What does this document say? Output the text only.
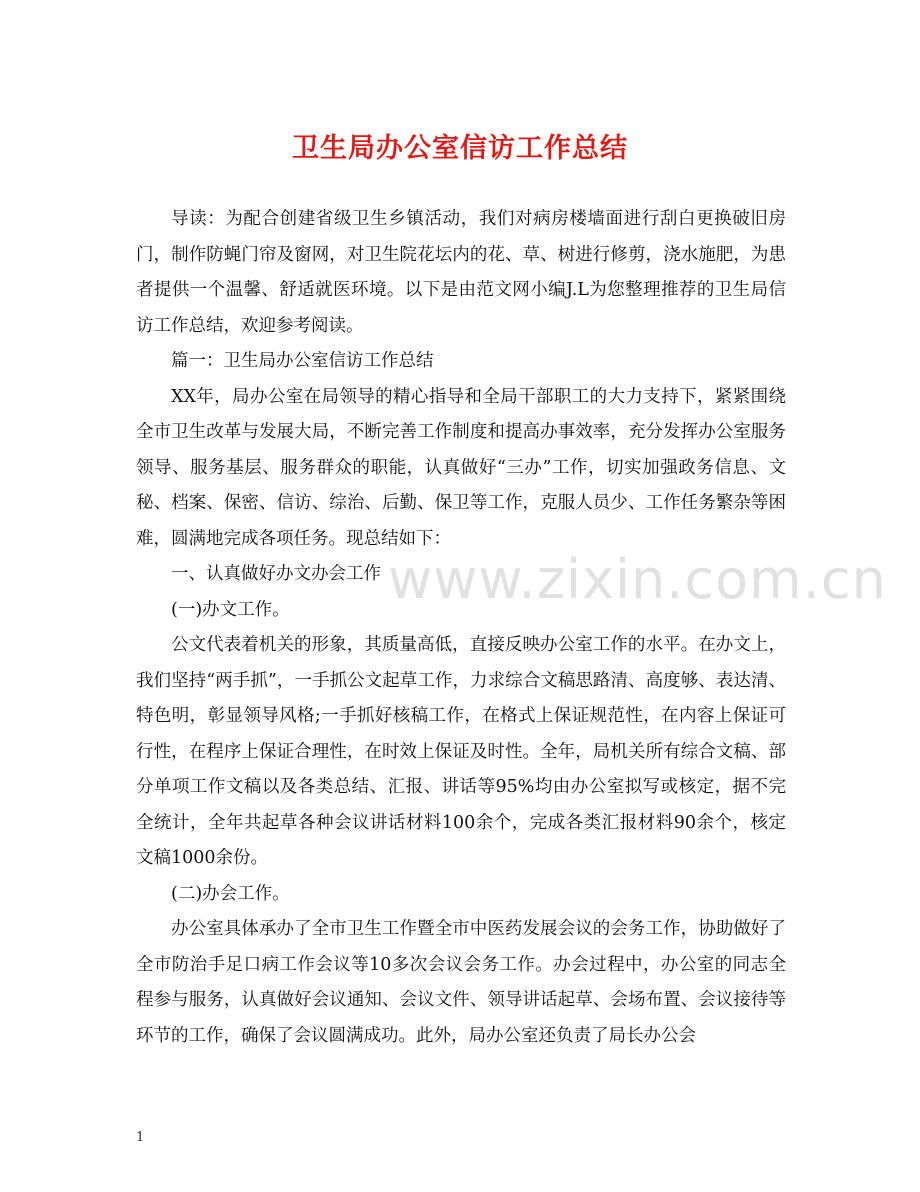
卫生局办公室信访工作总结

导读：为配合创建省级卫生乡镇活动，我们对病房楼墙面进行刮白更换破旧房门，制作防蝇门帘及窗网，对卫生院花坛内的花、草、树进行修剪，浇水施肥，为患者提供一个温馨、舒适就医环境。以下是由范文网小编J.L为您整理推荐的卫生局信访工作总结，欢迎参考阅读。

篇一：卫生局办公室信访工作总结

XX年，局办公室在局领导的精心指导和全局干部职工的大力支持下，紧紧围绕全市卫生改革与发展大局，不断完善工作制度和提高办事效率，充分发挥办公室服务领导、服务基层、服务群众的职能，认真做好“三办”工作，切实加强政务信息、文秘、档案、保密、信访、综治、后勤、保卫等工作，克服人员少、工作任务繁杂等困难，圆满地完成各项任务。现总结如下：

一、认真做好办文办会工作

(一)办文工作。

公文代表着机关的形象，其质量高低，直接反映办公室工作的水平。在办文上，我们坚持“两手抓”，一手抓公文起草工作，力求综合文稿思路清、高度够、表达清、特色明，彰显领导风格;一手抓好核稿工作，在格式上保证规范性，在内容上保证可行性，在程序上保证合理性，在时效上保证及时性。全年，局机关所有综合文稿、部分单项工作文稿以及各类总结、汇报、讲话等95%均由办公室拟写或核定，据不完全统计，全年共起草各种会议讲话材料100余个，完成各类汇报材料90余个，核定文稿1000余份。

(二)办会工作。

办公室具体承办了全市卫生工作暨全市中医药发展会议的会务工作，协助做好了全市防治手足口病工作会议等10多次会议会务工作。办会过程中，办公室的同志全程参与服务，认真做好会议通知、会议文件、领导讲话起草、会场布置、会议接待等环节的工作，确保了会议圆满成功。此外，局办公室还负责了局长办公会

www.zixin.com.cn
1
